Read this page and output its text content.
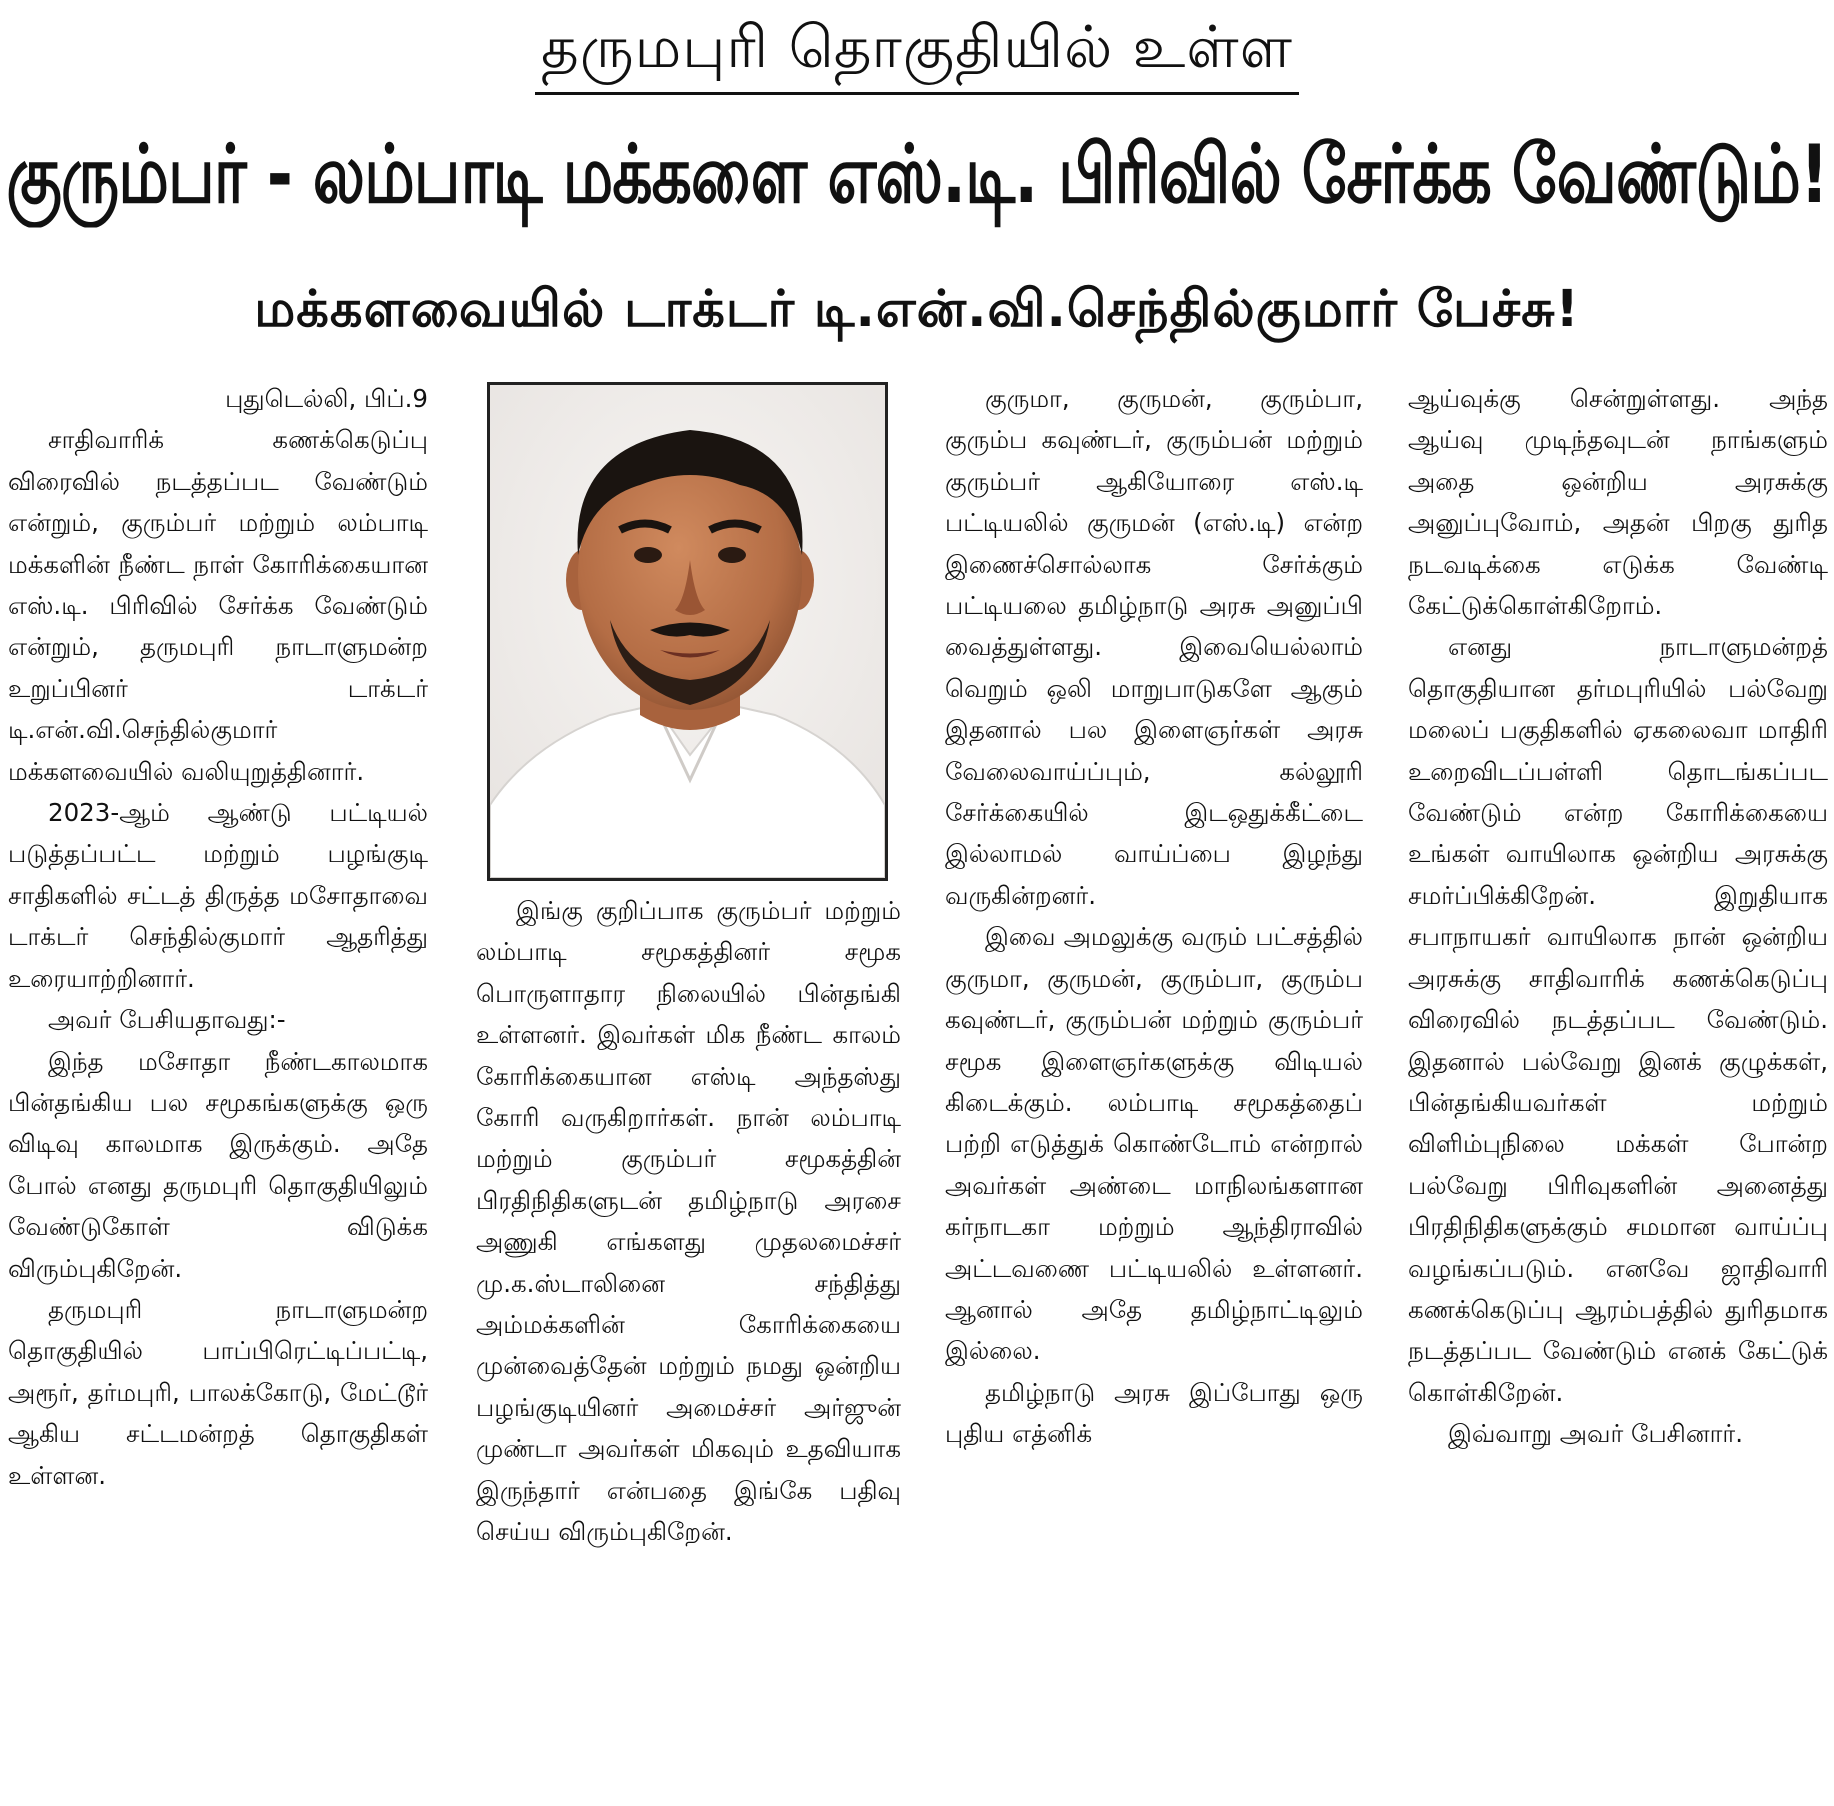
தருமபுரி தொகுதியில் உள்ள
குரும்பர் - லம்பாடி மக்களை எஸ்.டி. பிரிவில் சேர்க்க வேண்டும்!
மக்களவையில் டாக்டர் டி.என்.வி.செந்தில்குமார் பேச்சு!

புதுடெல்லி, பிப்.9

சாதிவாரிக் கணக்கெடுப்பு விரைவில் நடத்தப்பட வேண்டும் என்றும், குரும்பர் மற்றும் லம்பாடி மக்களின் நீண்ட நாள் கோரிக்கையான எஸ்.டி. பிரிவில் சேர்க்க வேண்டும் என்றும், தருமபுரி நாடாளுமன்ற உறுப்பினர் டாக்டர் டி.என்.வி.செந்தில்குமார் மக்களவையில் வலியுறுத்தினார்.

2023-ஆம் ஆண்டு பட்டியல் படுத்தப்பட்ட மற்றும் பழங்குடி சாதிகளில் சட்டத் திருத்த மசோதாவை டாக்டர் செந்தில்குமார் ஆதரித்து உரையாற்றினார்.

அவர் பேசியதாவது:-

இந்த மசோதா நீண்டகாலமாக பின்தங்கிய பல சமூகங்களுக்கு ஒரு விடிவு காலமாக இருக்கும். அதே போல் எனது தருமபுரி தொகுதியிலும் வேண்டுகோள் விடுக்க விரும்புகிறேன்.

தருமபுரி நாடாளுமன்ற தொகுதியில் பாப்பிரெட்டிப்பட்டி, அரூர், தர்மபுரி, பாலக்கோடு, மேட்டூர் ஆகிய சட்டமன்றத் தொகுதிகள் உள்ளன.

இங்கு குறிப்பாக குரும்பர் மற்றும் லம்பாடி சமூகத்தினர் சமூக பொருளாதார நிலையில் பின்தங்கி உள்ளனர். இவர்கள் மிக நீண்ட காலம் கோரிக்கையான எஸ்டி அந்தஸ்து கோரி வருகிறார்கள். நான் லம்பாடி மற்றும் குரும்பர் சமூகத்தின் பிரதிநிதிகளுடன் தமிழ்நாடு அரசை அணுகி எங்களது முதலமைச்சர் மு.க.ஸ்டாலினை சந்தித்து அம்மக்களின் கோரிக்கையை முன்வைத்தேன் மற்றும் நமது ஒன்றிய பழங்குடியினர் அமைச்சர் அர்ஜுன் முண்டா அவர்கள் மிகவும் உதவியாக இருந்தார் என்பதை இங்கே பதிவு செய்ய விரும்புகிறேன்.

குருமா, குருமன், குரும்பா, குரும்ப கவுண்டர், குரும்பன் மற்றும் குரும்பர் ஆகியோரை எஸ்.டி பட்டியலில் குருமன் (எஸ்.டி) என்ற இணைச்சொல்லாக சேர்க்கும் பட்டியலை தமிழ்நாடு அரசு அனுப்பி வைத்துள்ளது. இவையெல்லாம் வெறும் ஒலி மாறுபாடுகளே ஆகும் இதனால் பல இளைஞர்கள் அரசு வேலைவாய்ப்பும், கல்லூரி சேர்க்கையில் இடஒதுக்கீட்டை இல்லாமல் வாய்ப்பை இழந்து வருகின்றனர்.

இவை அமலுக்கு வரும் பட்சத்தில் குருமா, குருமன், குரும்பா, குரும்ப கவுண்டர், குரும்பன் மற்றும் குரும்பர் சமூக இளைஞர்களுக்கு விடியல் கிடைக்கும். லம்பாடி சமூகத்தைப் பற்றி எடுத்துக் கொண்டோம் என்றால் அவர்கள் அண்டை மாநிலங்களான கர்நாடகா மற்றும் ஆந்திராவில் அட்டவணை பட்டியலில் உள்ளனர். ஆனால் அதே தமிழ்நாட்டிலும் இல்லை.

தமிழ்நாடு அரசு இப்போது ஒரு புதிய எத்னிக்

ஆய்வுக்கு சென்றுள்ளது. அந்த ஆய்வு முடிந்தவுடன் நாங்களும் அதை ஒன்றிய அரசுக்கு அனுப்புவோம், அதன் பிறகு துரித நடவடிக்கை எடுக்க வேண்டி கேட்டுக்கொள்கிறோம்.

எனது நாடாளுமன்றத் தொகுதியான தர்மபுரியில் பல்வேறு மலைப் பகுதிகளில் ஏகலைவா மாதிரி உறைவிடப்பள்ளி தொடங்கப்பட வேண்டும் என்ற கோரிக்கையை உங்கள் வாயிலாக ஒன்றிய அரசுக்கு சமர்ப்பிக்கிறேன். இறுதியாக சபாநாயகர் வாயிலாக நான் ஒன்றிய அரசுக்கு சாதிவாரிக் கணக்கெடுப்பு விரைவில் நடத்தப்பட வேண்டும். இதனால் பல்வேறு இனக் குழுக்கள், பின்தங்கியவர்கள் மற்றும் விளிம்புநிலை மக்கள் போன்ற பல்வேறு பிரிவுகளின் அனைத்து பிரதிநிதிகளுக்கும் சமமான வாய்ப்பு வழங்கப்படும். எனவே ஜாதிவாரி கணக்கெடுப்பு ஆரம்பத்தில் துரிதமாக நடத்தப்பட வேண்டும் எனக் கேட்டுக் கொள்கிறேன்.

இவ்வாறு அவர் பேசினார்.
